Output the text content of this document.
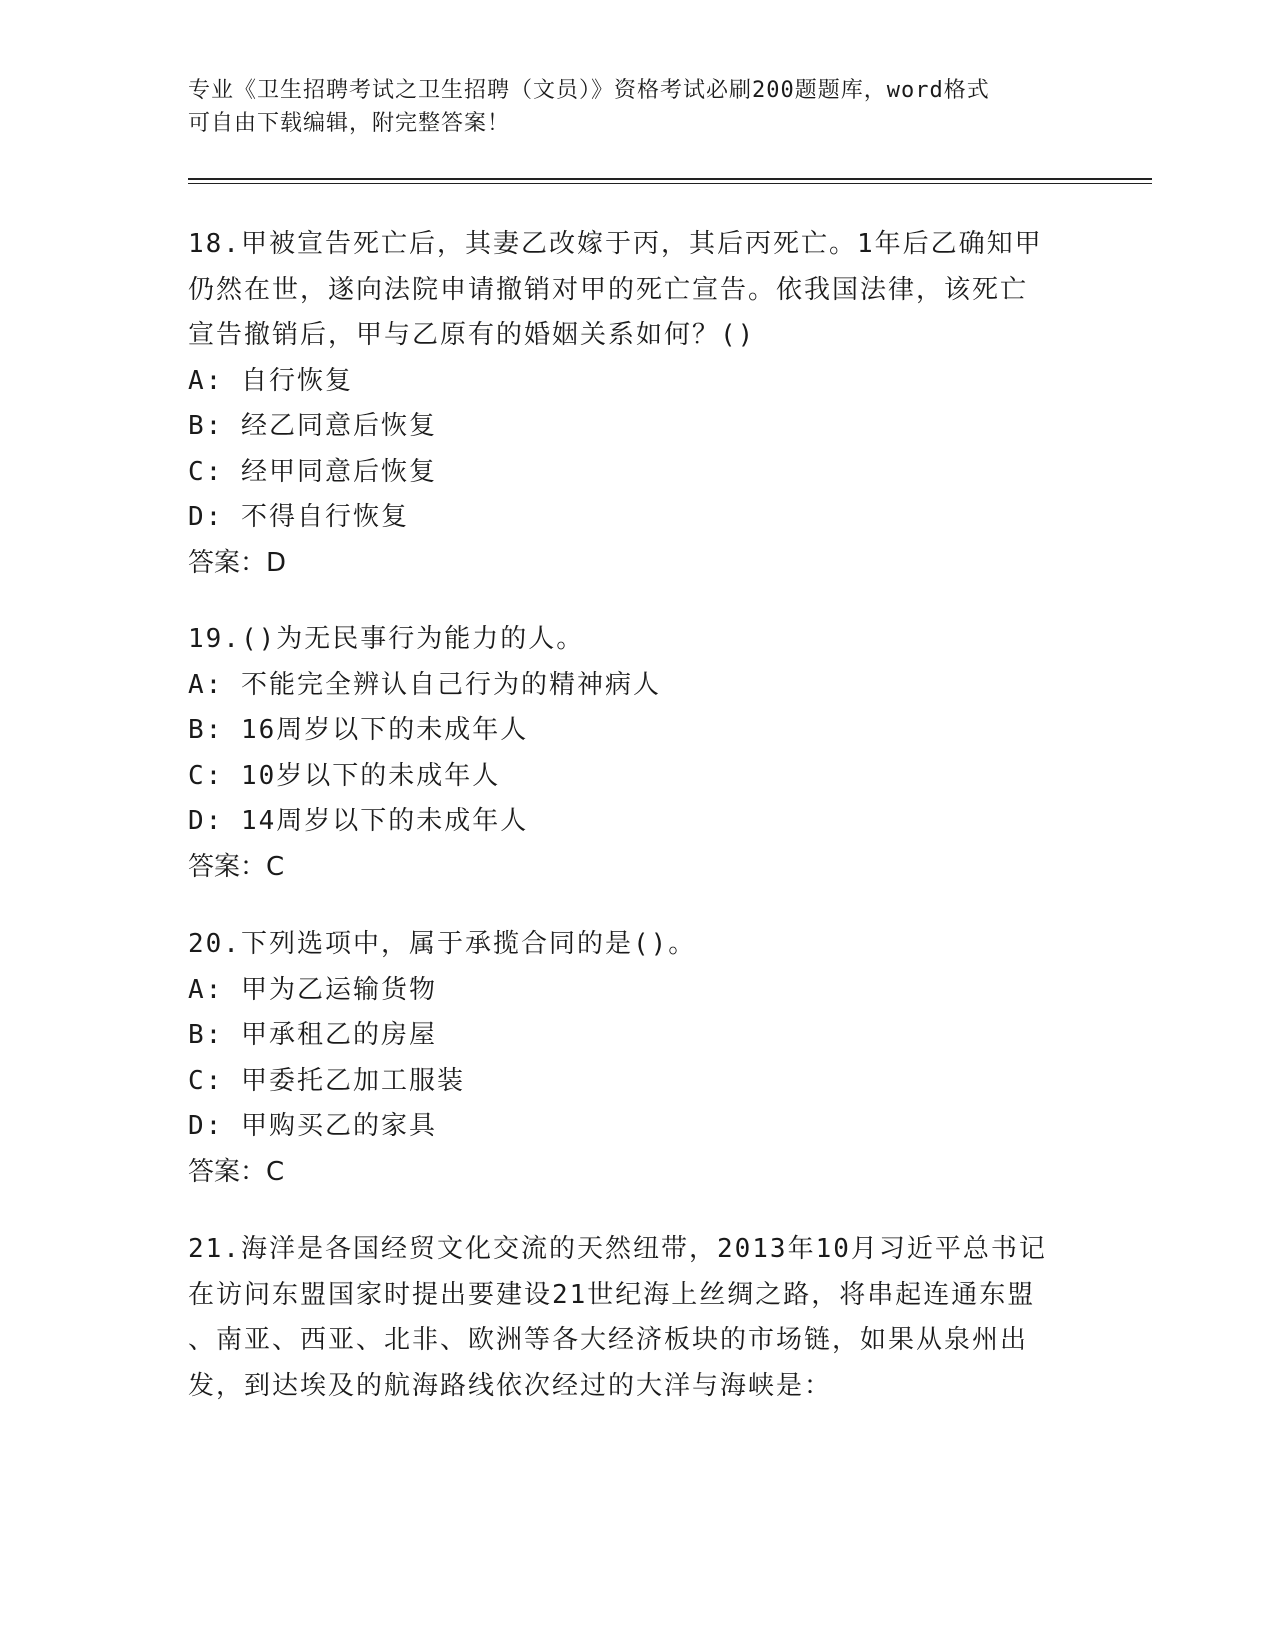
专业《卫生招聘考试之卫生招聘（文员）》资格考试必刷200题题库，word格式
可自由下载编辑，附完整答案！

18.甲被宣告死亡后，其妻乙改嫁于丙，其后丙死亡。1年后乙确知甲

仍然在世，遂向法院申请撤销对甲的死亡宣告。依我国法律，该死亡

宣告撤销后，甲与乙原有的婚姻关系如何？()

A: 自行恢复

B: 经乙同意后恢复

C: 经甲同意后恢复

D: 不得自行恢复

答案：D

19.()为无民事行为能力的人。

A: 不能完全辨认自己行为的精神病人

B: 16周岁以下的未成年人

C: 10岁以下的未成年人

D: 14周岁以下的未成年人

答案：C

20.下列选项中，属于承揽合同的是()。

A: 甲为乙运输货物

B: 甲承租乙的房屋

C: 甲委托乙加工服装

D: 甲购买乙的家具

答案：C

21.海洋是各国经贸文化交流的天然纽带，2013年10月习近平总书记

在访问东盟国家时提出要建设21世纪海上丝绸之路，将串起连通东盟

、南亚、西亚、北非、欧洲等各大经济板块的市场链，如果从泉州出

发，到达埃及的航海路线依次经过的大洋与海峡是：
